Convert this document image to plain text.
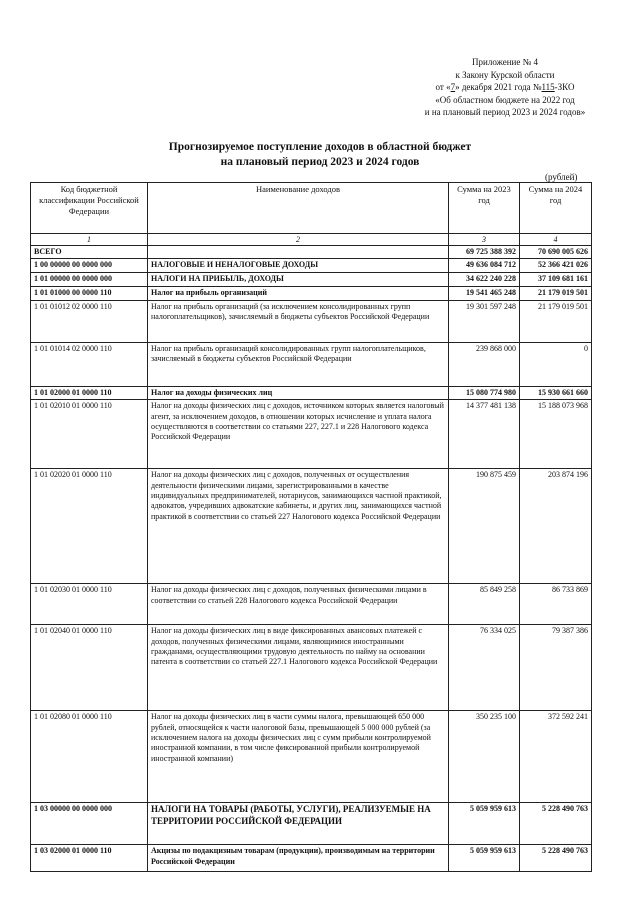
Приложение № 4
к Закону Курской области
от «7» декабря 2021 года №115-ЗКО
«Об областном бюджете на 2022 год
и на плановый период 2023 и 2024 годов»
Прогнозируемое поступление доходов в областной бюджет
на плановый период 2023 и 2024 годов
(рублей)
Код бюджетной классификации Российской Федерации	Наименование доходов	Сумма на 2023 год	Сумма на 2024 год
1	2	3	4
ВСЕГО		69 725 388 392	70 690 005 626
1 00 00000 00 0000 000	НАЛОГОВЫЕ И НЕНАЛОГОВЫЕ ДОХОДЫ	49 636 084 712	52 366 421 026
1 01 00000 00 0000 000	НАЛОГИ НА ПРИБЫЛЬ, ДОХОДЫ	34 622 240 228	37 109 681 161
1 01 01000 00 0000 110	Налог на прибыль организаций	19 541 465 248	21 179 019 501
1 01 01012 02 0000 110	Налог на прибыль организаций (за исключением консолидированных групп налогоплательщиков), зачисляемый в бюджеты субъектов Российской Федерации	19 301 597 248	21 179 019 501
1 01 01014 02 0000 110	Налог на прибыль организаций консолидированных групп налогоплательщиков, зачисляемый в бюджеты субъектов Российской Федерации	239 868 000	0
1 01 02000 01 0000 110	Налог на доходы физических лиц	15 080 774 980	15 930 661 660
1 01 02010 01 0000 110	Налог на доходы физических лиц с доходов, источником которых является налоговый агент, за исключением доходов, в отношении которых исчисление и уплата налога осуществляются в соответствии со статьями 227, 227.1 и 228 Налогового кодекса Российской Федерации	14 377 481 138	15 188 073 968
1 01 02020 01 0000 110	Налог на доходы физических лиц с доходов, полученных от осуществления деятельности физическими лицами, зарегистрированными в качестве индивидуальных предпринимателей, нотариусов, занимающихся частной практикой, адвокатов, учредивших адвокатские кабинеты, и других лиц, занимающихся частной практикой в соответствии со статьей 227 Налогового кодекса Российской Федерации	190 875 459	203 874 196
1 01 02030 01 0000 110	Налог на доходы физических лиц с доходов, полученных физическими лицами в соответствии со статьей 228 Налогового кодекса Российской Федерации	85 849 258	86 733 869
1 01 02040 01 0000 110	Налог на доходы физических лиц в виде фиксированных авансовых платежей с доходов, полученных физическими лицами, являющимися иностранными гражданами, осуществляющими трудовую деятельность по найму на основании патента в соответствии со статьей 227.1 Налогового кодекса Российской Федерации	76 334 025	79 387 386
1 01 02080 01 0000 110	Налог на доходы физических лиц в части суммы налога, превышающей 650 000 рублей, относящейся к части налоговой базы, превышающей 5 000 000 рублей (за исключением налога на доходы физических лиц с сумм прибыли контролируемой иностранной компании, в том числе фиксированной прибыли контролируемой иностранной компании)	350 235 100	372 592 241
1 03 00000 00 0000 000	НАЛОГИ НА ТОВАРЫ (РАБОТЫ, УСЛУГИ), РЕАЛИЗУЕМЫЕ НА ТЕРРИТОРИИ РОССИЙСКОЙ ФЕДЕРАЦИИ	5 059 959 613	5 228 490 763
1 03 02000 01 0000 110	Акцизы по подакцизным товарам (продукции), производимым на территории Российской Федерации	5 059 959 613	5 228 490 763
